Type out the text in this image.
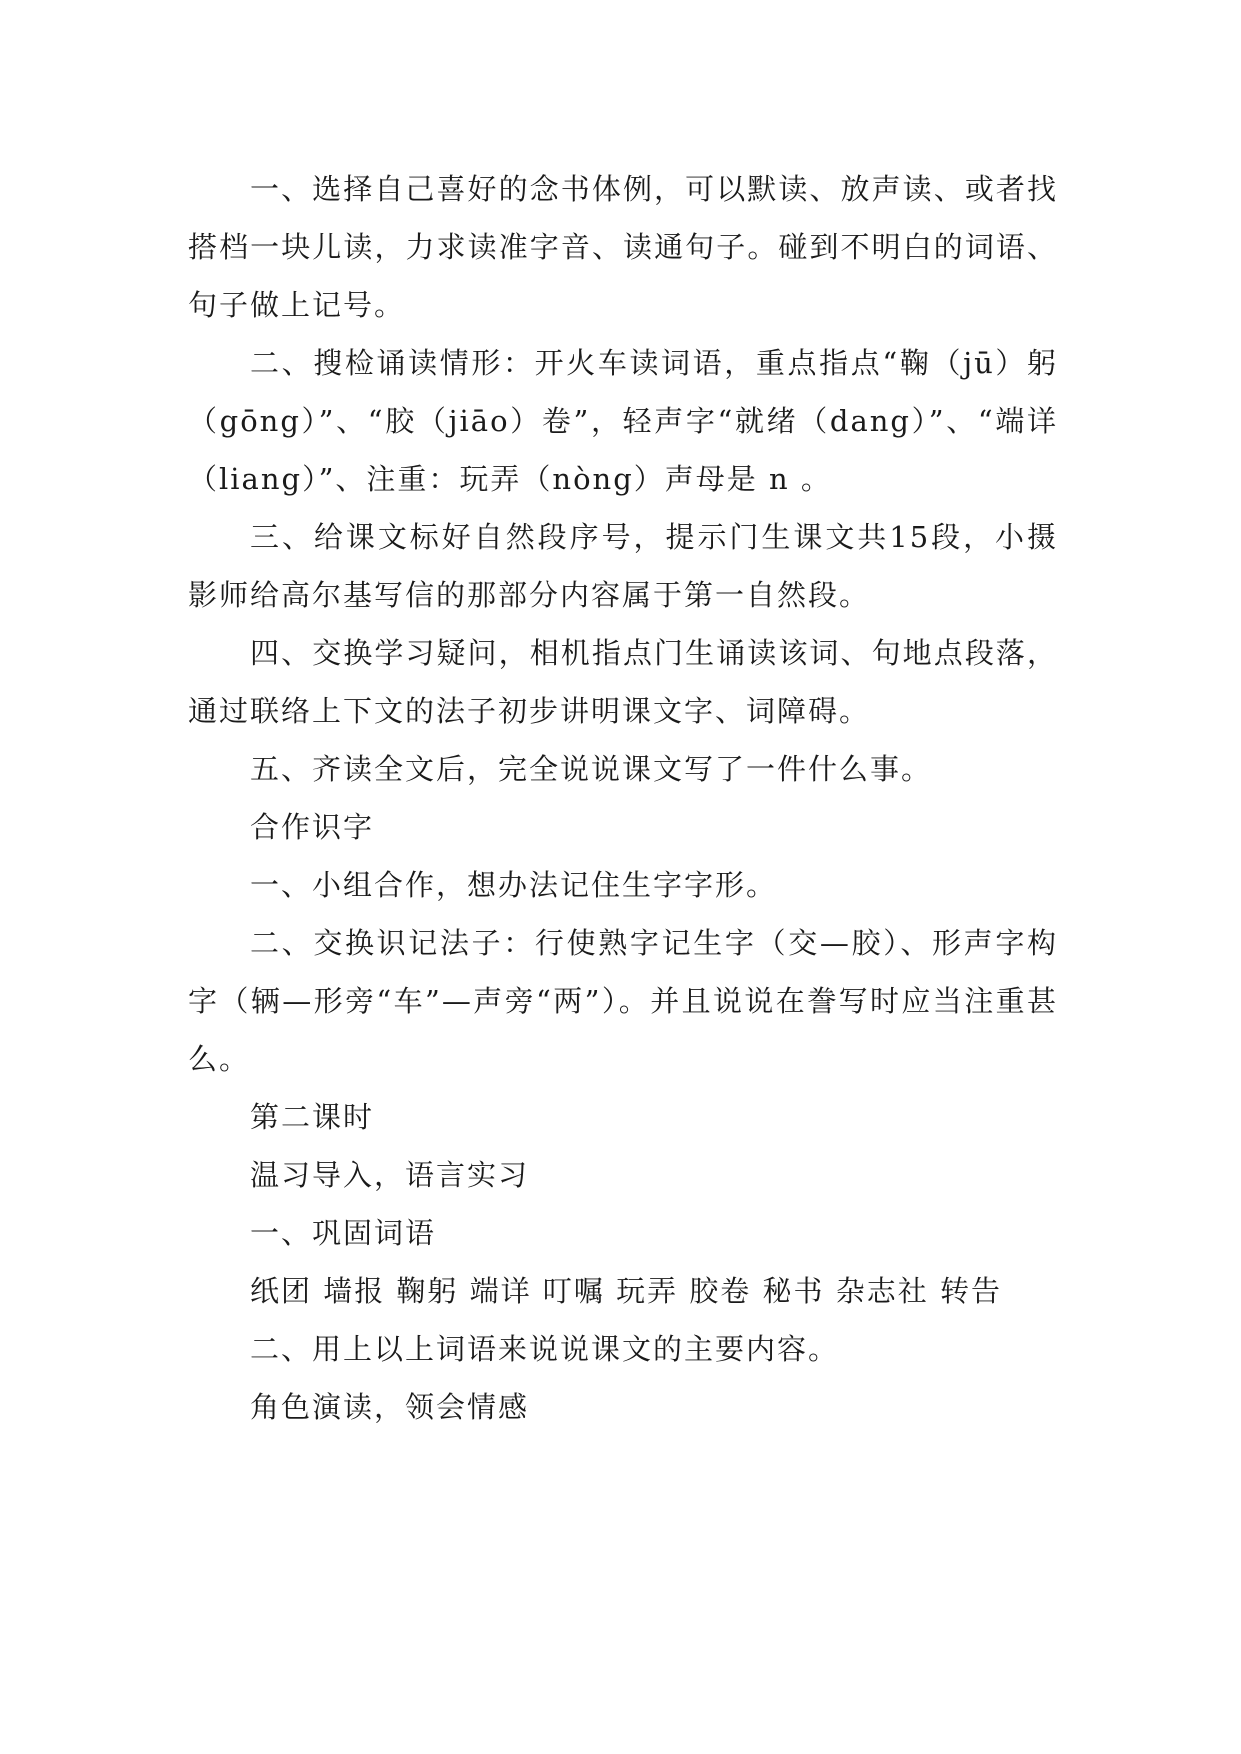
一、选择自己喜好的念书体例，可以默读、放声读、或者找搭档一块儿读，力求读准字音、读通句子。碰到不明白的词语、句子做上记号。

二、搜检诵读情形：开火车读词语，重点指点“鞠（jū）躬（gōng）”、“胶（jiāo）卷”，轻声字“就绪（dang）”、“端详（liang）”、注重：玩弄（nòng）声母是 n 。

三、给课文标好自然段序号，提示门生课文共15段，小摄影师给高尔基写信的那部分内容属于第一自然段。

四、交换学习疑问，相机指点门生诵读该词、句地点段落，通过联络上下文的法子初步讲明课文字、词障碍。

五、齐读全文后，完全说说课文写了一件什么事。

合作识字

一、小组合作，想办法记住生字字形。

二、交换识记法子：行使熟字记生字（交—胶）、形声字构字（辆—形旁“车”—声旁“两”）。并且说说在誊写时应当注重甚么。

第二课时

温习导入，语言实习

一、巩固词语

纸团 墙报 鞠躬 端详 叮嘱 玩弄 胶卷 秘书 杂志社 转告

二、用上以上词语来说说课文的主要内容。

角色演读，领会情感
